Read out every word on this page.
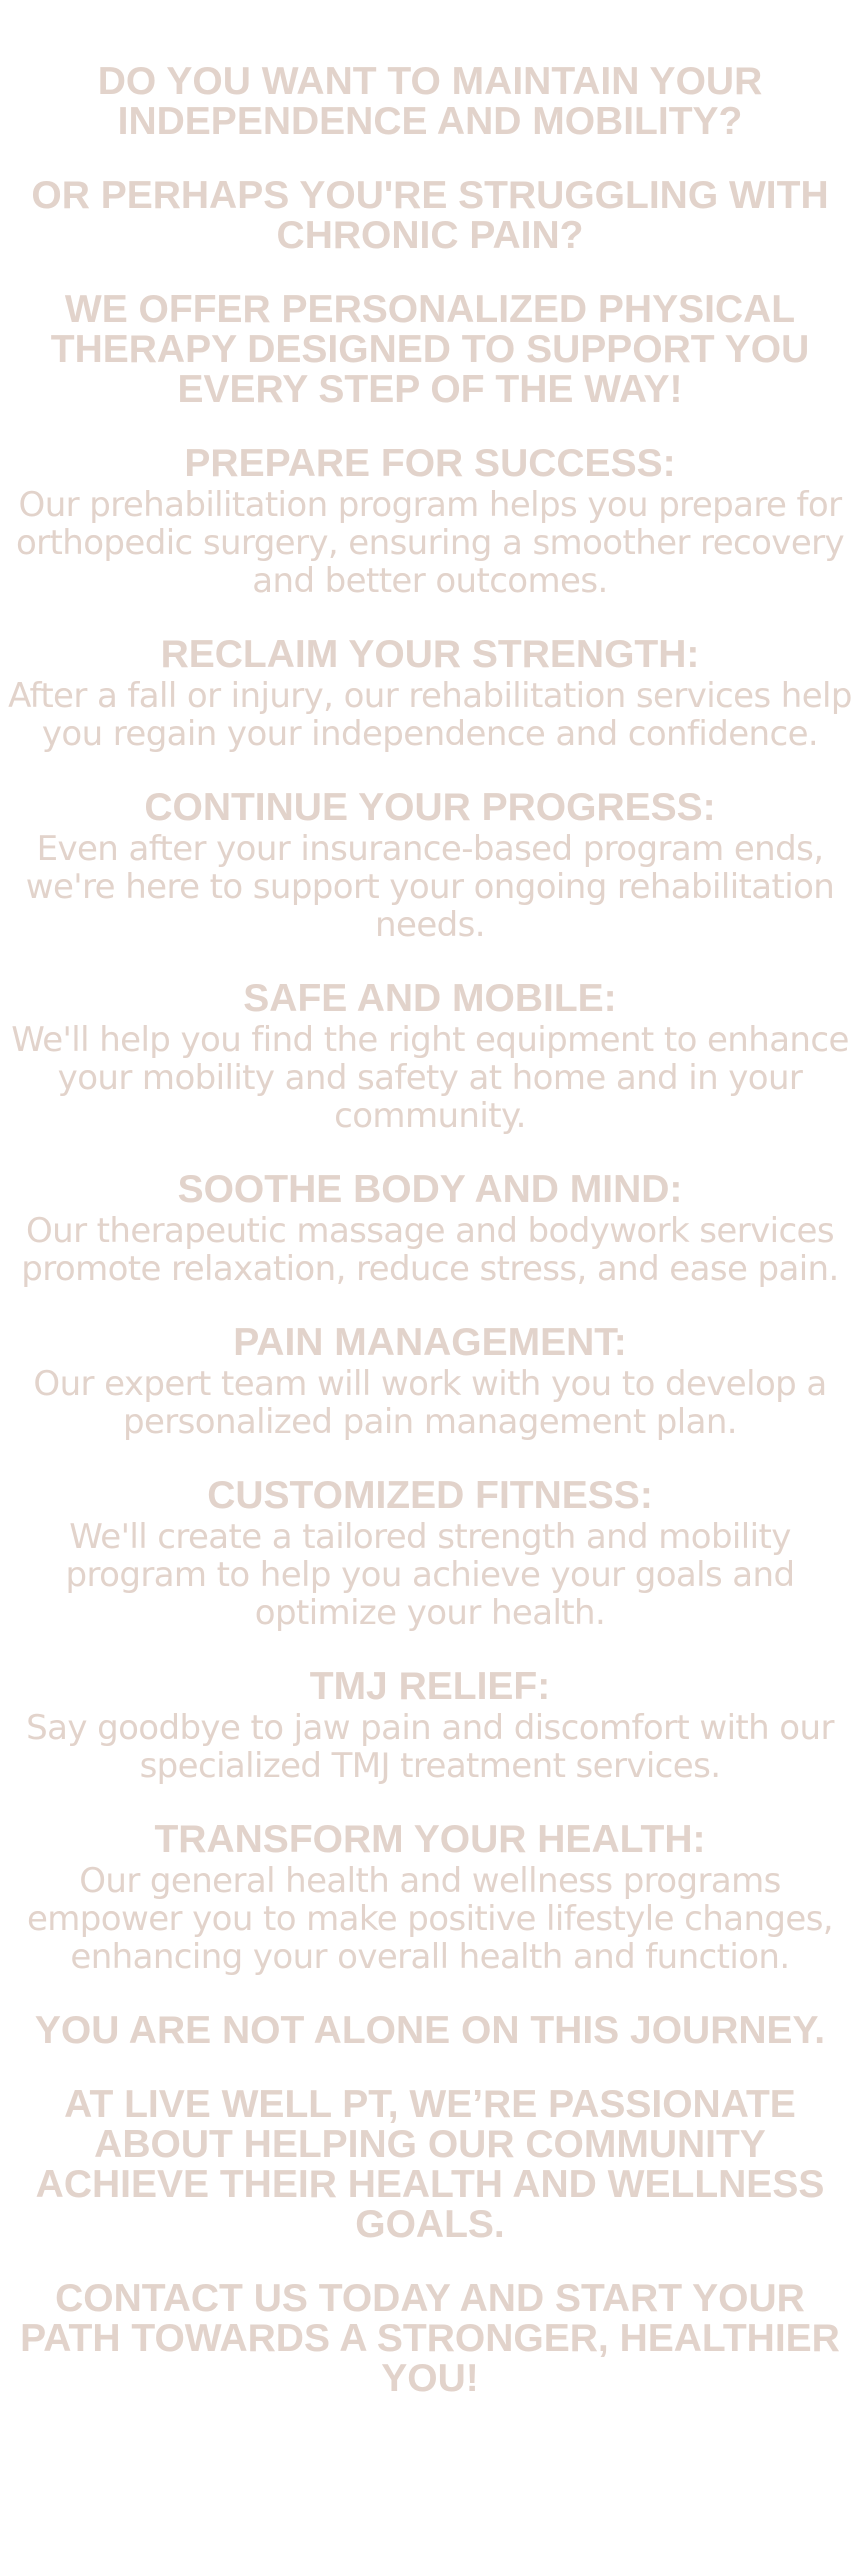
DO YOU WANT TO MAINTAIN YOUR INDEPENDENCE AND MOBILITY?
OR PERHAPS YOU'RE STRUGGLING WITH CHRONIC PAIN?
WE OFFER PERSONALIZED PHYSICAL THERAPY DESIGNED TO SUPPORT YOU EVERY STEP OF THE WAY!
PREPARE FOR SUCCESS:
Our prehabilitation program helps you prepare for orthopedic surgery, ensuring a smoother recovery and better outcomes.
RECLAIM YOUR STRENGTH:
After a fall or injury, our rehabilitation services help you regain your independence and confidence.
CONTINUE YOUR PROGRESS:
Even after your insurance-based program ends, we're here to support your ongoing rehabilitation needs.
SAFE AND MOBILE:
We'll help you find the right equipment to enhance your mobility and safety at home and in your community.
SOOTHE BODY AND MIND:
Our therapeutic massage and bodywork services promote relaxation, reduce stress, and ease pain.
PAIN MANAGEMENT:
Our expert team will work with you to develop a personalized pain management plan.
CUSTOMIZED FITNESS:
We'll create a tailored strength and mobility program to help you achieve your goals and optimize your health.
TMJ RELIEF:
Say goodbye to jaw pain and discomfort with our specialized TMJ treatment services.
TRANSFORM YOUR HEALTH:
Our general health and wellness programs empower you to make positive lifestyle changes, enhancing your overall health and function.
YOU ARE NOT ALONE ON THIS JOURNEY.
AT LIVE WELL PT, WE’RE PASSIONATE ABOUT HELPING OUR COMMUNITY ACHIEVE THEIR HEALTH AND WELLNESS GOALS.
CONTACT US TODAY AND START YOUR PATH TOWARDS A STRONGER, HEALTHIER YOU!
